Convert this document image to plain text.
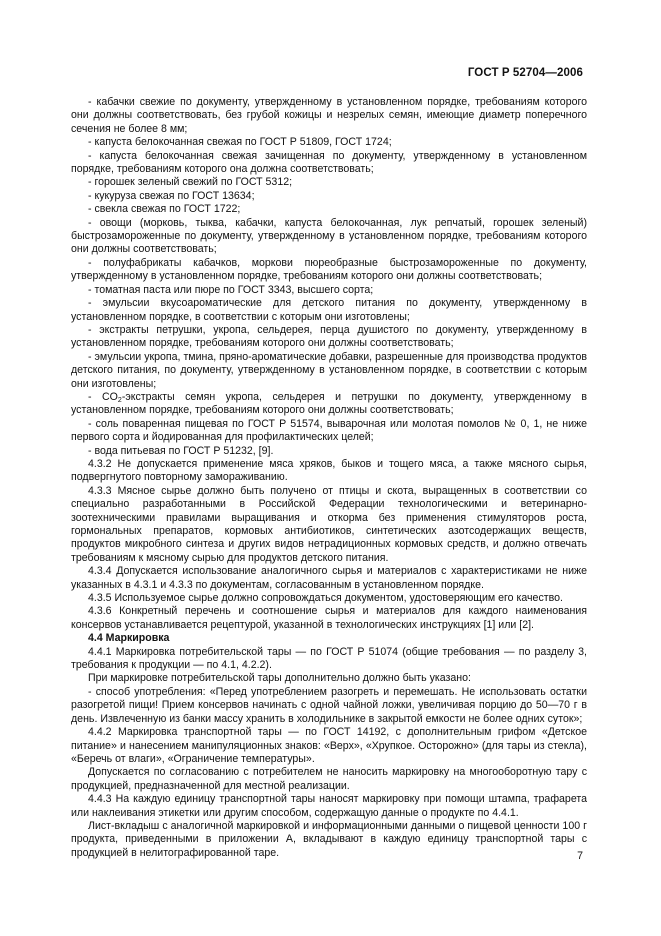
ГОСТ Р 52704—2006

- кабачки свежие по документу, утвержденному в установленном порядке, требованиям которого они должны соответствовать, без грубой кожицы и незрелых семян, имеющие диаметр поперечного сечения не более 8 мм;

- капуста белокочанная свежая по ГОСТ Р 51809, ГОСТ 1724;

- капуста белокочанная свежая зачищенная по документу, утвержденному в установленном порядке, требованиям которого она должна соответствовать;

- горошек зеленый свежий по ГОСТ 5312;

- кукуруза свежая по ГОСТ 13634;

- свекла свежая по ГОСТ 1722;

- овощи (морковь, тыква, кабачки, капуста белокочанная, лук репчатый, горошек зеленый) быстрозамороженные по документу, утвержденному в установленном порядке, требованиям которого они должны соответствовать;

- полуфабрикаты кабачков, моркови пюреобразные быстрозамороженные по документу, утвержденному в установленном порядке, требованиям которого они должны соответствовать;

- томатная паста или пюре по ГОСТ 3343, высшего сорта;

- эмульсии вкусоароматические для детского питания по документу, утвержденному в установленном порядке, в соответствии с которым они изготовлены;

- экстракты петрушки, укропа, сельдерея, перца душистого по документу, утвержденному в установленном порядке, требованиям которого они должны соответствовать;

- эмульсии укропа, тмина, пряно-ароматические добавки, разрешенные для производства продуктов детского питания, по документу, утвержденному в установленном порядке, в соответствии с которым они изготовлены;

- $CO_2$-экстракты семян укропа, сельдерея и петрушки по документу, утвержденному в установленном порядке, требованиям которого они должны соответствовать;

- соль поваренная пищевая по ГОСТ Р 51574, выварочная или молотая помолов № 0, 1, не ниже первого сорта и йодированная для профилактических целей;

- вода питьевая по ГОСТ Р 51232, [9].

4.3.2 Не допускается применение мяса хряков, быков и тощего мяса, а также мясного сырья, подвергнутого повторному замораживанию.

4.3.3 Мясное сырье должно быть получено от птицы и скота, выращенных в соответствии со специально разработанными в Российской Федерации технологическими и ветеринарно-зоотехническими правилами выращивания и откорма без применения стимуляторов роста, гормональных препаратов, кормовых антибиотиков, синтетических азотсодержащих веществ, продуктов микробного синтеза и других видов нетрадиционных кормовых средств, и должно отвечать требованиям к мясному сырью для продуктов детского питания.

4.3.4 Допускается использование аналогичного сырья и материалов с характеристиками не ниже указанных в 4.3.1 и 4.3.3 по документам, согласованным в установленном порядке.

4.3.5 Используемое сырье должно сопровождаться документом, удостоверяющим его качество.

4.3.6 Конкретный перечень и соотношение сырья и материалов для каждого наименования консервов устанавливается рецептурой, указанной в технологических инструкциях [1] или [2].

4.4 Маркировка

4.4.1 Маркировка потребительской тары — по ГОСТ Р 51074 (общие требования — по разделу 3, требования к продукции — по 4.1, 4.2.2).

При маркировке потребительской тары дополнительно должно быть указано:

- способ употребления: «Перед употреблением разогреть и перемешать. Не использовать остатки разогретой пищи! Прием консервов начинать с одной чайной ложки, увеличивая порцию до 50—70 г в день. Извлеченную из банки массу хранить в холодильнике в закрытой емкости не более одних суток»;

4.4.2 Маркировка транспортной тары — по ГОСТ 14192, с дополнительным грифом «Детское питание» и нанесением манипуляционных знаков: «Верх», «Хрупкое. Осторожно» (для тары из стекла), «Беречь от влаги», «Ограничение температуры».

Допускается по согласованию с потребителем не наносить маркировку на многооборотную тару с продукцией, предназначенной для местной реализации.

4.4.3 На каждую единицу транспортной тары наносят маркировку при помощи штампа, трафарета или наклеивания этикетки или другим способом, содержащую данные о продукте по 4.4.1.

Лист-вкладыш с аналогичной маркировкой и информационными данными о пищевой ценности 100 г продукта, приведенными в приложении А, вкладывают в каждую единицу транспортной тары с продукцией в нелитографированной таре.	7
